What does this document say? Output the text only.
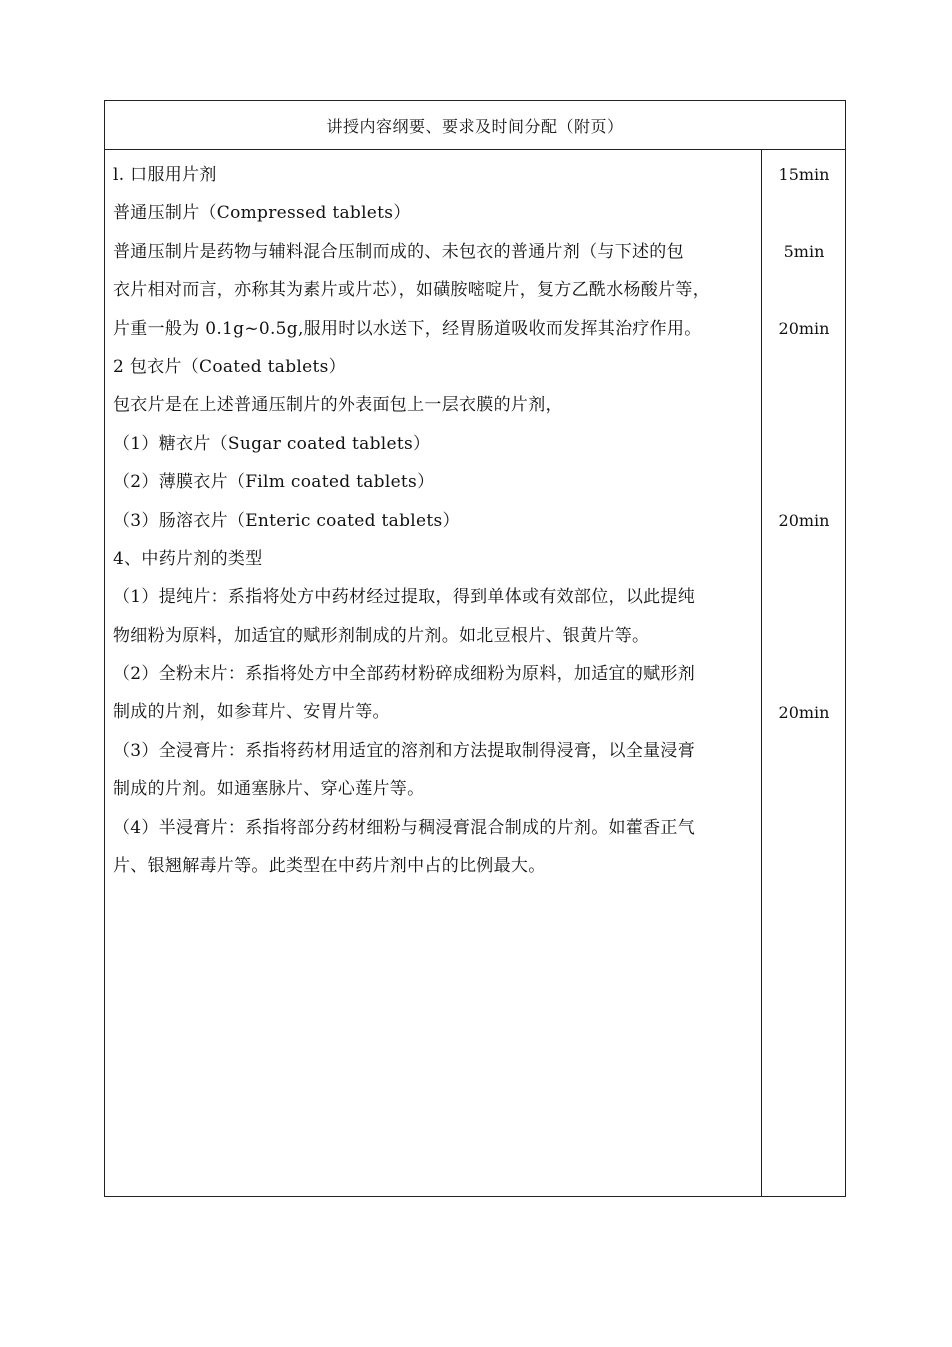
讲授内容纲要、要求及时间分配（附页）
l. 口服用片剂
普通压制片（Compressed tablets）
普通压制片是药物与辅料混合压制而成的、未包衣的普通片剂（与下述的包
衣片相对而言，亦称其为素片或片芯），如磺胺嘧啶片，复方乙酰水杨酸片等，
片重一般为 0.1g~0.5g,服用时以水送下，经胃肠道吸收而发挥其治疗作用。
2 包衣片（Coated tablets）
包衣片是在上述普通压制片的外表面包上一层衣膜的片剂，
（1）糖衣片（Sugar coated tablets）
（2）薄膜衣片（Film coated tablets）
（3）肠溶衣片（Enteric coated tablets）
4、中药片剂的类型
（1）提纯片：系指将处方中药材经过提取，得到单体或有效部位，以此提纯
物细粉为原料，加适宜的赋形剂制成的片剂。如北豆根片、银黄片等。
（2）全粉末片：系指将处方中全部药材粉碎成细粉为原料，加适宜的赋形剂
制成的片剂，如参茸片、安胃片等。
（3）全浸膏片：系指将药材用适宜的溶剂和方法提取制得浸膏，以全量浸膏
制成的片剂。如通塞脉片、穿心莲片等。
（4）半浸膏片：系指将部分药材细粉与稠浸膏混合制成的片剂。如藿香正气
片、银翘解毒片等。此类型在中药片剂中占的比例最大。
15min
5min
20min
20min
20min
